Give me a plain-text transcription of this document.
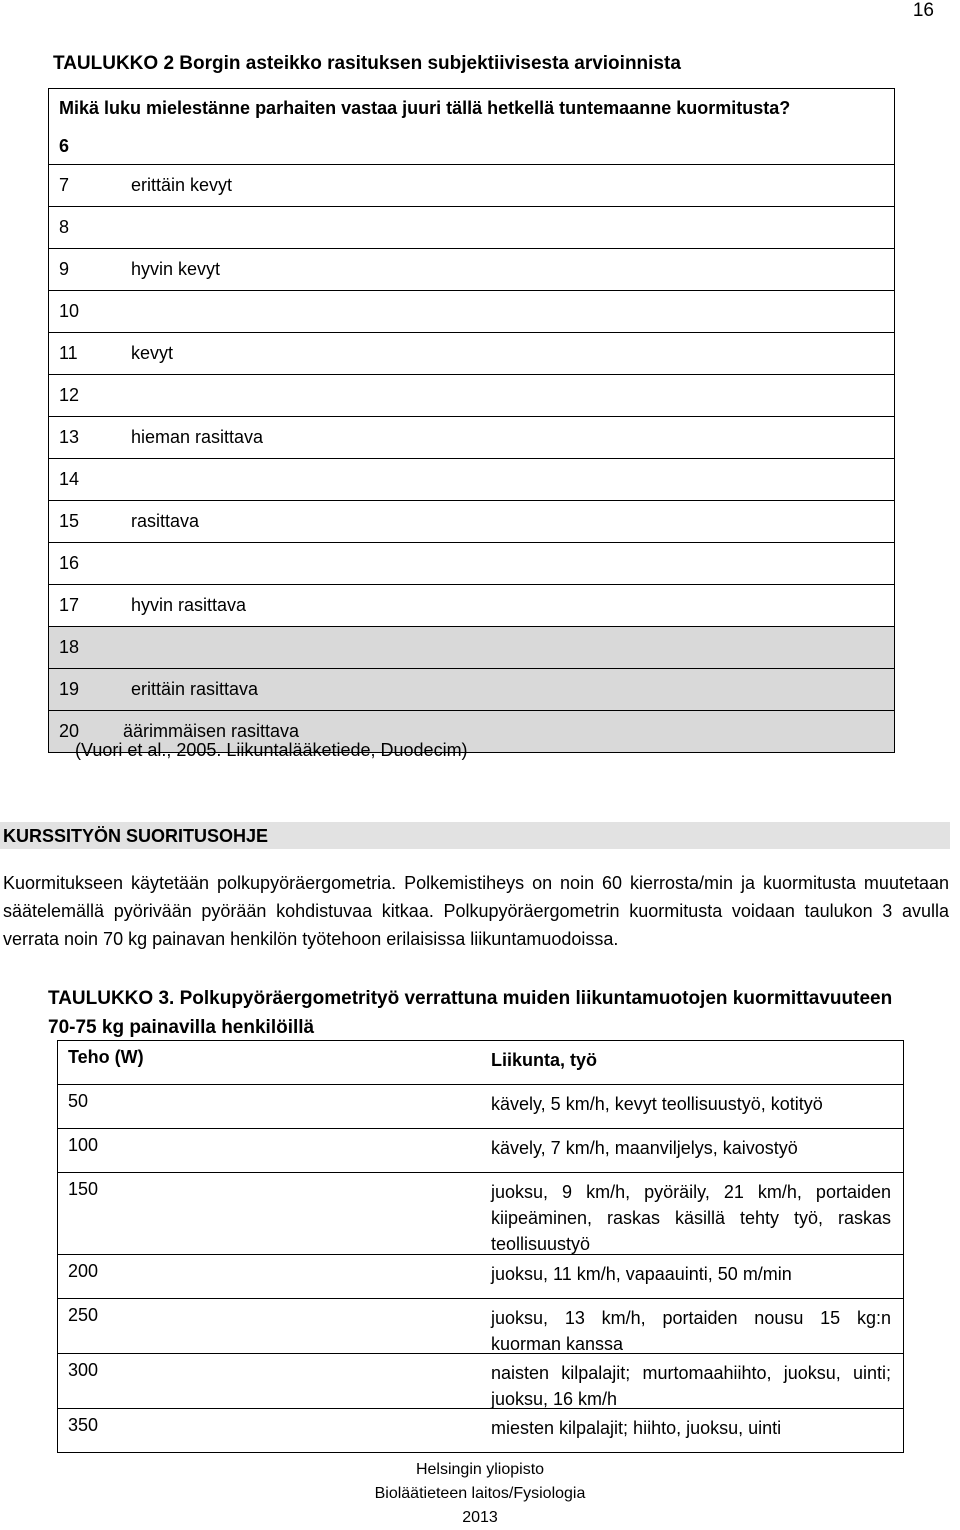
16
TAULUKKO 2 Borgin asteikko rasituksen subjektiivisesta arvioinnista
Mikä luku mielestänne parhaiten vastaa juuri tällä hetkellä tuntemaanne kuormitusta?
6
7	erittäin kevyt
8
9	hyvin kevyt
10
11	kevyt
12
13	hieman rasittava
14
15	rasittava
16
17	hyvin rasittava
18
19	erittäin rasittava
20 äärimmäisen rasittava
(Vuori et al., 2005. Liikuntalääketiede, Duodecim)
KURSSITYÖN SUORITUSOHJE
Kuormitukseen käytetään polkupyöräergometria. Polkemistiheys on noin 60 kierrosta/min ja kuormitusta muutetaan säätelemällä pyörivään pyörään kohdistuvaa kitkaa. Polkupyöräergometrin kuormitusta voidaan taulukon 3 avulla verrata noin 70 kg painavan henkilön työtehoon erilaisissa liikuntamuodoissa.
TAULUKKO 3. Polkupyöräergometrityö verrattuna muiden liikuntamuotojen kuormittavuuteen 70-75 kg painavilla henkilöillä
Teho (W)	Liikunta, työ
50	kävely, 5 km/h, kevyt teollisuustyö, kotityö
100	kävely, 7 km/h, maanviljelys, kaivostyö
150	juoksu, 9 km/h, pyöräily, 21 km/h, portaiden kiipeäminen, raskas käsillä tehty työ, raskas teollisuustyö
200	juoksu, 11 km/h, vapaauinti, 50 m/min
250	juoksu, 13 km/h, portaiden nousu 15 kg:n kuorman kanssa
300	naisten kilpalajit; murtomaahiihto, juoksu, uinti; juoksu, 16 km/h
350	miesten kilpalajit; hiihto, juoksu, uinti
Helsingin yliopisto
Bioläätieteen laitos/Fysiologia
2013
